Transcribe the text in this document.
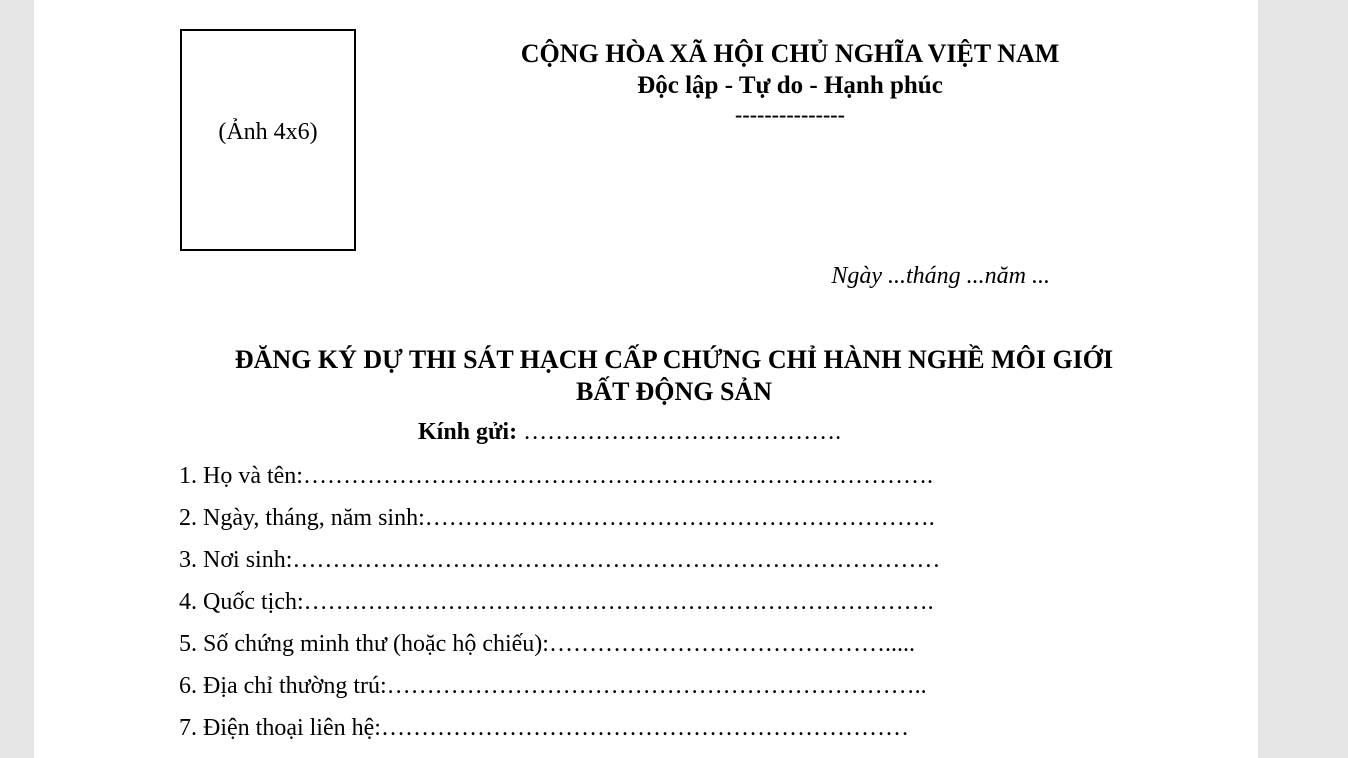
(Ảnh 4x6)
CỘNG HÒA XÃ HỘI CHỦ NGHĨA VIỆT NAM
Độc lập - Tự do - Hạnh phúc
---------------
Ngày ...tháng ...năm ...
ĐĂNG KÝ DỰ THI SÁT HẠCH CẤP CHỨNG CHỈ HÀNH NGHỀ MÔI GIỚI
BẤT ĐỘNG SẢN
Kính gửi: ………………………………….
1. Họ và tên:…………………………………………………………………….
2. Ngày, tháng, năm sinh:……………………………………………………….
3. Nơi sinh:………………………………………………………………………
4. Quốc tịch:…………………………………………………………………….
5. Số chứng minh thư (hoặc hộ chiếu):…………………………………….....
6. Địa chỉ thường trú:…………………………………………………………..
7. Điện thoại liên hệ:…………………………………………………………
